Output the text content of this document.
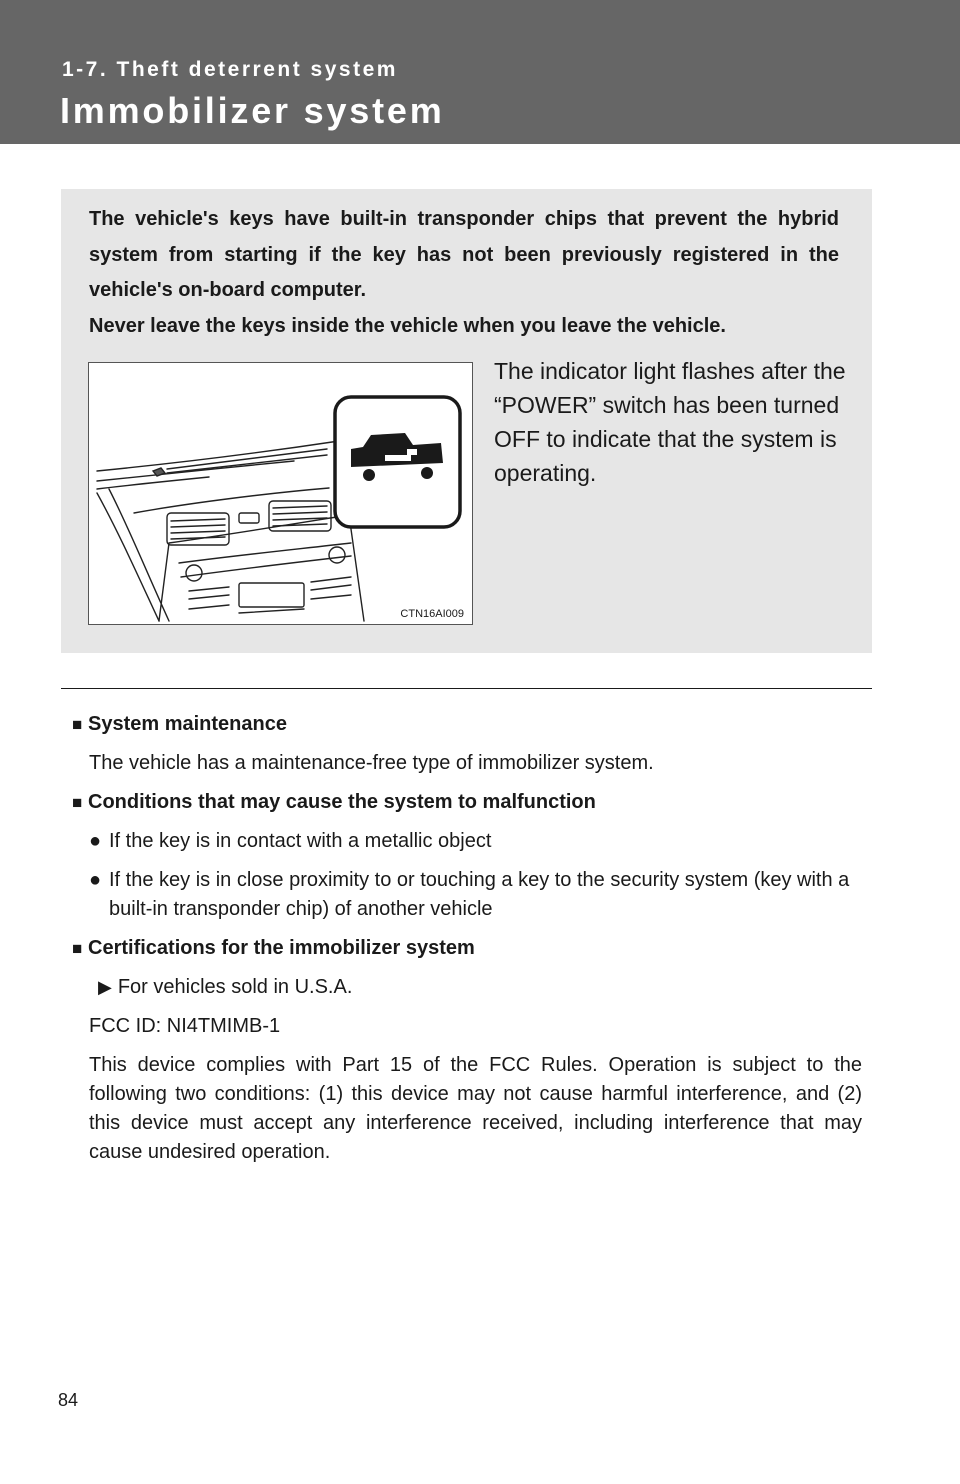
1-7. Theft deterrent system
Immobilizer system

The vehicle's keys have built-in transponder chips that prevent the hybrid system from starting if the key has not been previously registered in the vehicle's on-board computer.

Never leave the keys inside the vehicle when you leave the vehicle.

CTN16AI009
The indicator light flashes after the “POWER” switch has been turned OFF to indicate that the system is operating.
■ System maintenance
The vehicle has a maintenance-free type of immobilizer system.
■ Conditions that may cause the system to malfunction
● If the key is in contact with a metallic object
● If the key is in close proximity to or touching a key to the security system (key with a built-in transponder chip) of another vehicle
■ Certifications for the immobilizer system
▶ For vehicles sold in U.S.A.
FCC ID: NI4TMIMB-1
This device complies with Part 15 of the FCC Rules. Operation is subject to the following two conditions: (1) this device may not cause harmful interference, and (2) this device must accept any interference received, including interference that may cause undesired operation.
84
